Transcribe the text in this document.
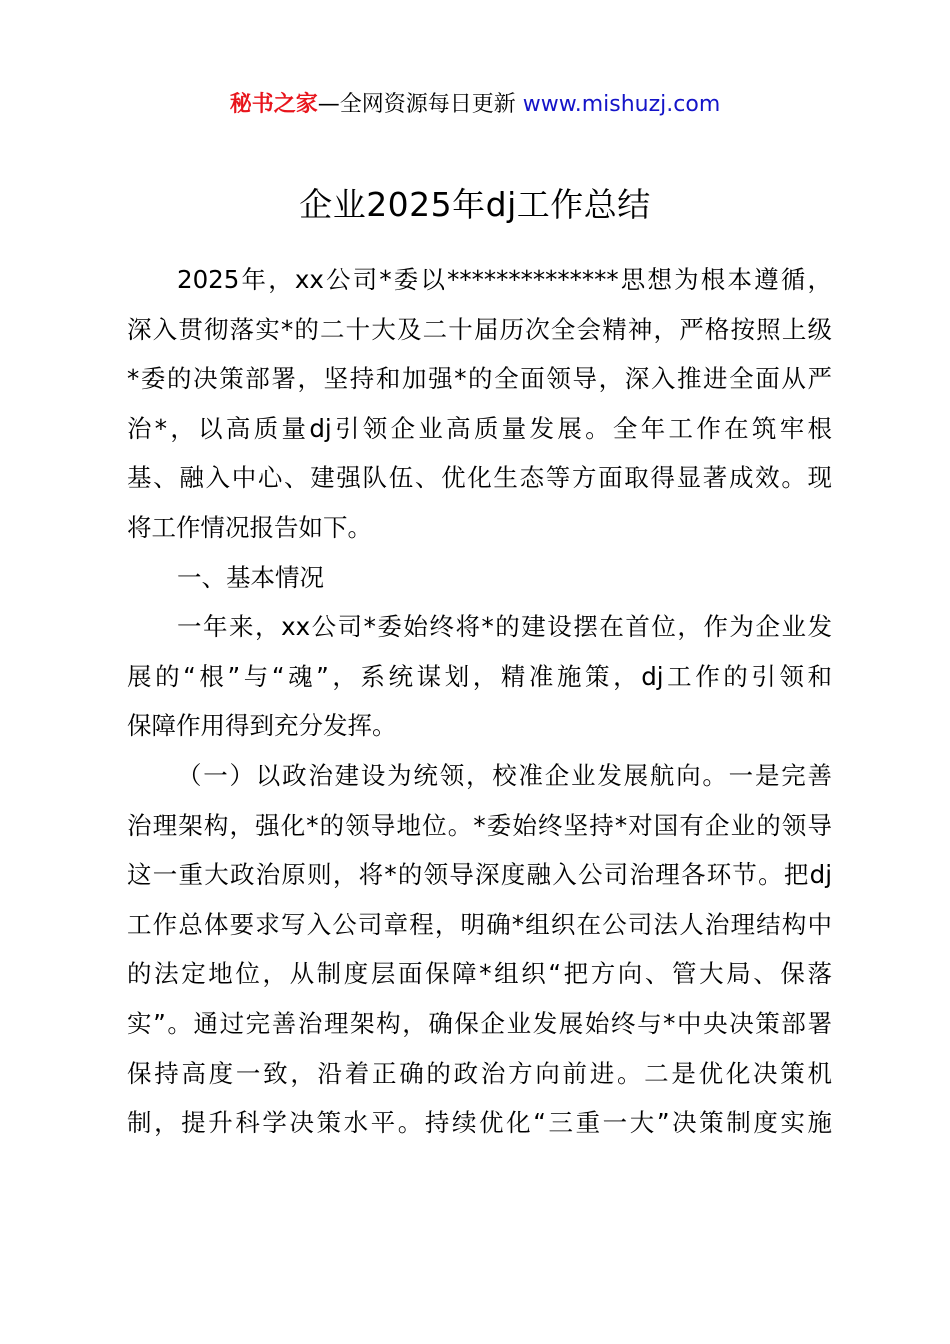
秘书之家—全网资源每日更新 www.mishuzj.com
企业2025年dj工作总结
2025年，xx公司*委以**************思想为根本遵循，
深入贯彻落实*的二十大及二十届历次全会精神，严格按照上级
*委的决策部署，坚持和加强*的全面领导，深入推进全面从严
治*，以高质量dj引领企业高质量发展。全年工作在筑牢根
基、融入中心、建强队伍、优化生态等方面取得显著成效。现
将工作情况报告如下。
一、基本情况
一年来，xx公司*委始终将*的建设摆在首位，作为企业发
展的“根”与“魂”，系统谋划，精准施策，dj工作的引领和
保障作用得到充分发挥。
（一）以政治建设为统领，校准企业发展航向。一是完善
治理架构，强化*的领导地位。*委始终坚持*对国有企业的领导
这一重大政治原则，将*的领导深度融入公司治理各环节。把dj
工作总体要求写入公司章程，明确*组织在公司法人治理结构中
的法定地位，从制度层面保障*组织“把方向、管大局、保落
实”。通过完善治理架构，确保企业发展始终与*中央决策部署
保持高度一致，沿着正确的政治方向前进。二是优化决策机
制，提升科学决策水平。持续优化“三重一大”决策制度实施
